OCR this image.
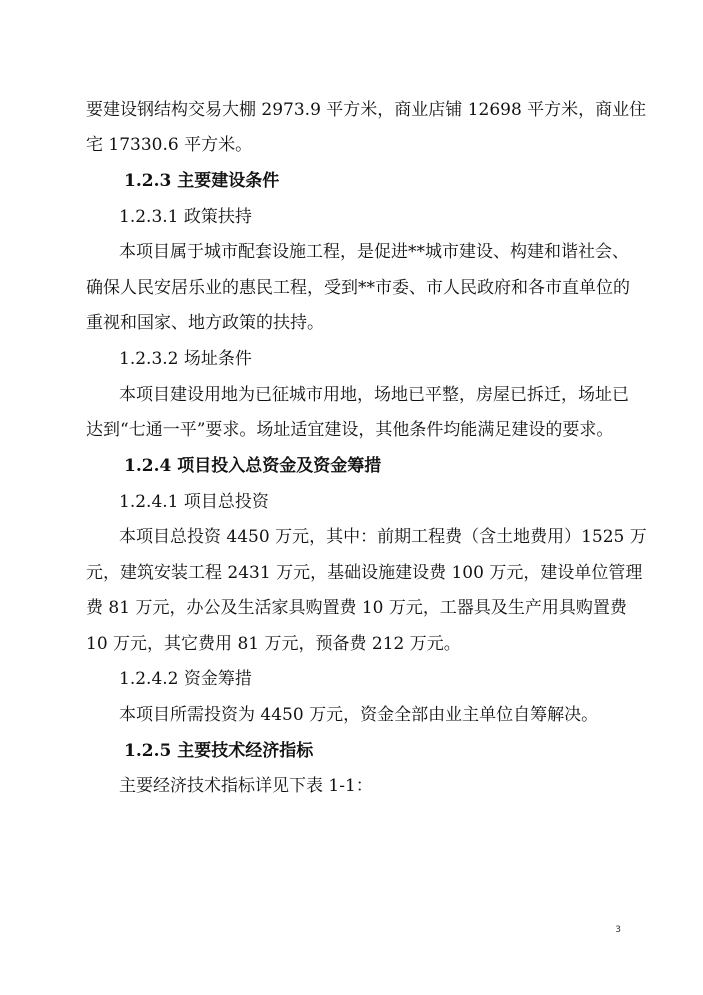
要建设钢结构交易大棚 2973.9 平方米，商业店铺 12698 平方米，商业住
宅 17330.6 平方米。
1.2.3 主要建设条件
1.2.3.1 政策扶持
本项目属于城市配套设施工程，是促进**城市建设、构建和谐社会、
确保人民安居乐业的惠民工程，受到**市委、市人民政府和各市直单位的
重视和国家、地方政策的扶持。
1.2.3.2 场址条件
本项目建设用地为已征城市用地，场地已平整，房屋已拆迁，场址已
达到“七通一平”要求。场址适宜建设，其他条件均能满足建设的要求。
1.2.4 项目投入总资金及资金筹措
1.2.4.1 项目总投资
本项目总投资 4450 万元，其中：前期工程费（含土地费用）1525 万
元，建筑安装工程 2431 万元，基础设施建设费 100 万元，建设单位管理
费 81 万元，办公及生活家具购置费 10 万元，工器具及生产用具购置费
10 万元，其它费用 81 万元，预备费 212 万元。
1.2.4.2 资金筹措
本项目所需投资为 4450 万元，资金全部由业主单位自筹解决。
1.2.5 主要技术经济指标
主要经济技术指标详见下表 1-1：
3
